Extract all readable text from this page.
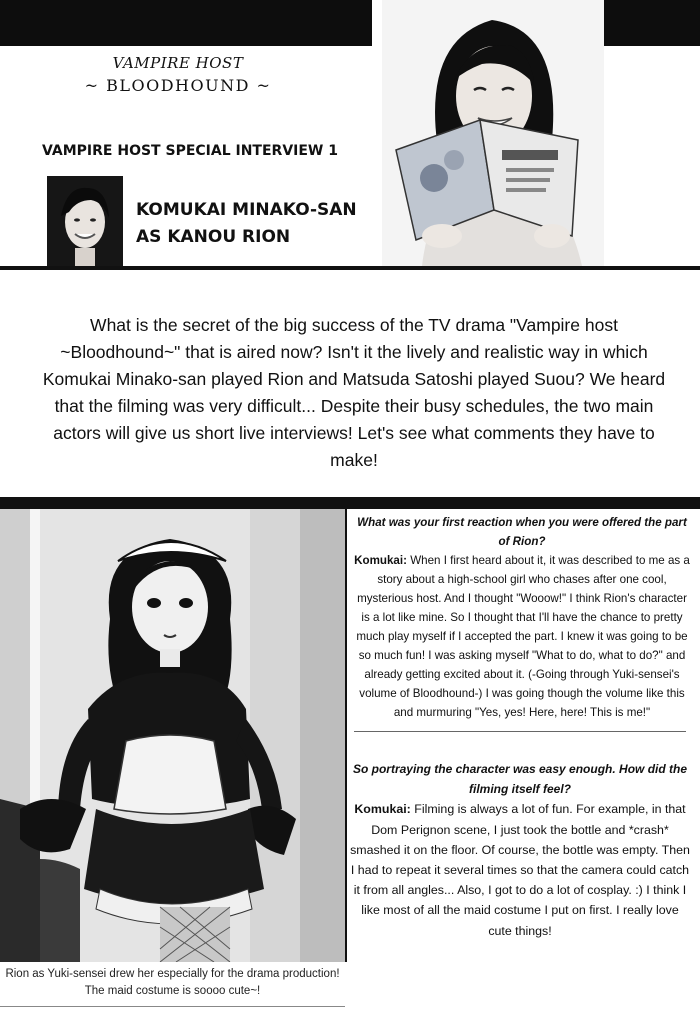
VAMPIRE HOST
~ BLOODHOUND ~
VAMPIRE HOST SPECIAL INTERVIEW 1
KOMUKAI MINAKO-SAN
AS KANOU RION
What is the secret of the big success of the TV drama "Vampire host ~Bloodhound~" that is aired now? Isn't it the lively and realistic way in which Komukai Minako-san played Rion and Matsuda Satoshi played Suou? We heard that the filming was very difficult... Despite their busy schedules, the two main actors will give us short live interviews! Let's see what comments they have to make!
Rion as Yuki-sensei drew her especially for the drama production! The maid costume is soooo cute~!
What was your first reaction when you were offered the part of Rion?
Komukai: When I first heard about it, it was described to me as a story about a high-school girl who chases after one cool, mysterious host. And I thought "Wooow!" I think Rion's character is a lot like mine. So I thought that I'll have the chance to pretty much play myself if I accepted the part. I knew it was going to be so much fun! I was asking myself "What to do, what to do?" and already getting excited about it. (-Going through Yuki-sensei's volume of Bloodhound-) I was going though the volume like this and murmuring "Yes, yes! Here, here! This is me!"
So portraying the character was easy enough. How did the filming itself feel?
Komukai: Filming is always a lot of fun. For example, in that Dom Perignon scene, I just took the bottle and *crash* smashed it on the floor. Of course, the bottle was empty. Then I had to repeat it several times so that the camera could catch it from all angles... Also, I got to do a lot of cosplay. :) I think I like most of all the maid costume I put on first. I really love cute things!
